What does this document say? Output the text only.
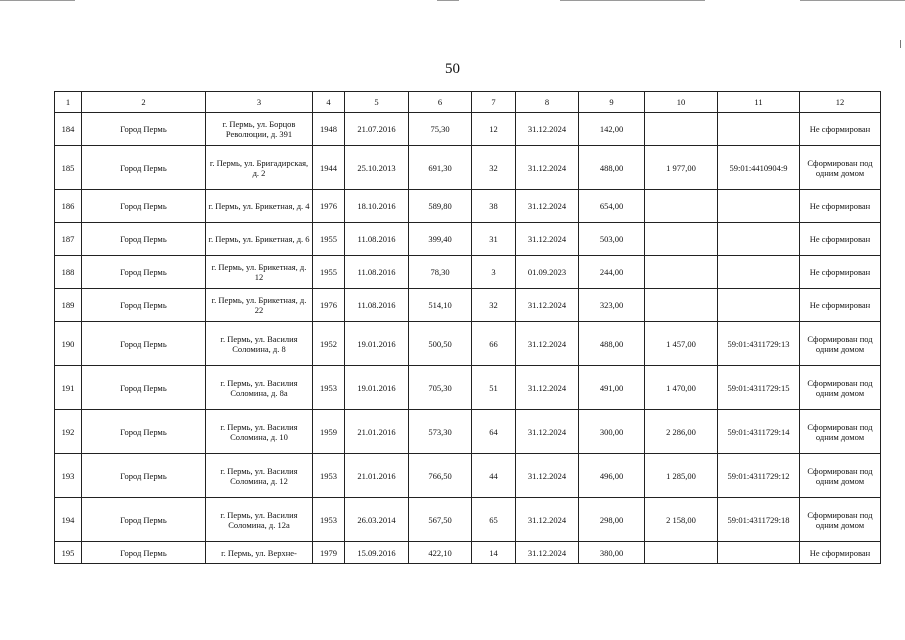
50
1	2	3	4	5	6	7	8	9	10	11	12
184	Город Пермь	г. Пермь, ул. Борцов Революции, д. 391	1948	21.07.2016	75,30	12	31.12.2024	142,00			Не сформирован
185	Город Пермь	г. Пермь, ул. Бригадирская, д. 2	1944	25.10.2013	691,30	32	31.12.2024	488,00	1 977,00	59:01:4410904:9	Сформирован под одним домом
186	Город Пермь	г. Пермь, ул. Брикетная, д. 4	1976	18.10.2016	589,80	38	31.12.2024	654,00			Не сформирован
187	Город Пермь	г. Пермь, ул. Брикетная, д. 6	1955	11.08.2016	399,40	31	31.12.2024	503,00			Не сформирован
188	Город Пермь	г. Пермь, ул. Брикетная, д. 12	1955	11.08.2016	78,30	3	01.09.2023	244,00			Не сформирован
189	Город Пермь	г. Пермь, ул. Брикетная, д. 22	1976	11.08.2016	514,10	32	31.12.2024	323,00			Не сформирован
190	Город Пермь	г. Пермь, ул. Василия Соломина, д. 8	1952	19.01.2016	500,50	66	31.12.2024	488,00	1 457,00	59:01:4311729:13	Сформирован под одним домом
191	Город Пермь	г. Пермь, ул. Василия Соломина, д. 8а	1953	19.01.2016	705,30	51	31.12.2024	491,00	1 470,00	59:01:4311729:15	Сформирован под одним домом
192	Город Пермь	г. Пермь, ул. Василия Соломина, д. 10	1959	21.01.2016	573,30	64	31.12.2024	300,00	2 286,00	59:01:4311729:14	Сформирован под одним домом
193	Город Пермь	г. Пермь, ул. Василия Соломина, д. 12	1953	21.01.2016	766,50	44	31.12.2024	496,00	1 285,00	59:01:4311729:12	Сформирован под одним домом
194	Город Пермь	г. Пермь, ул. Василия Соломина, д. 12а	1953	26.03.2014	567,50	65	31.12.2024	298,00	2 158,00	59:01:4311729:18	Сформирован под одним домом
195	Город Пермь	г. Пермь, ул. Верхне-	1979	15.09.2016	422,10	14	31.12.2024	380,00			Не сформирован
